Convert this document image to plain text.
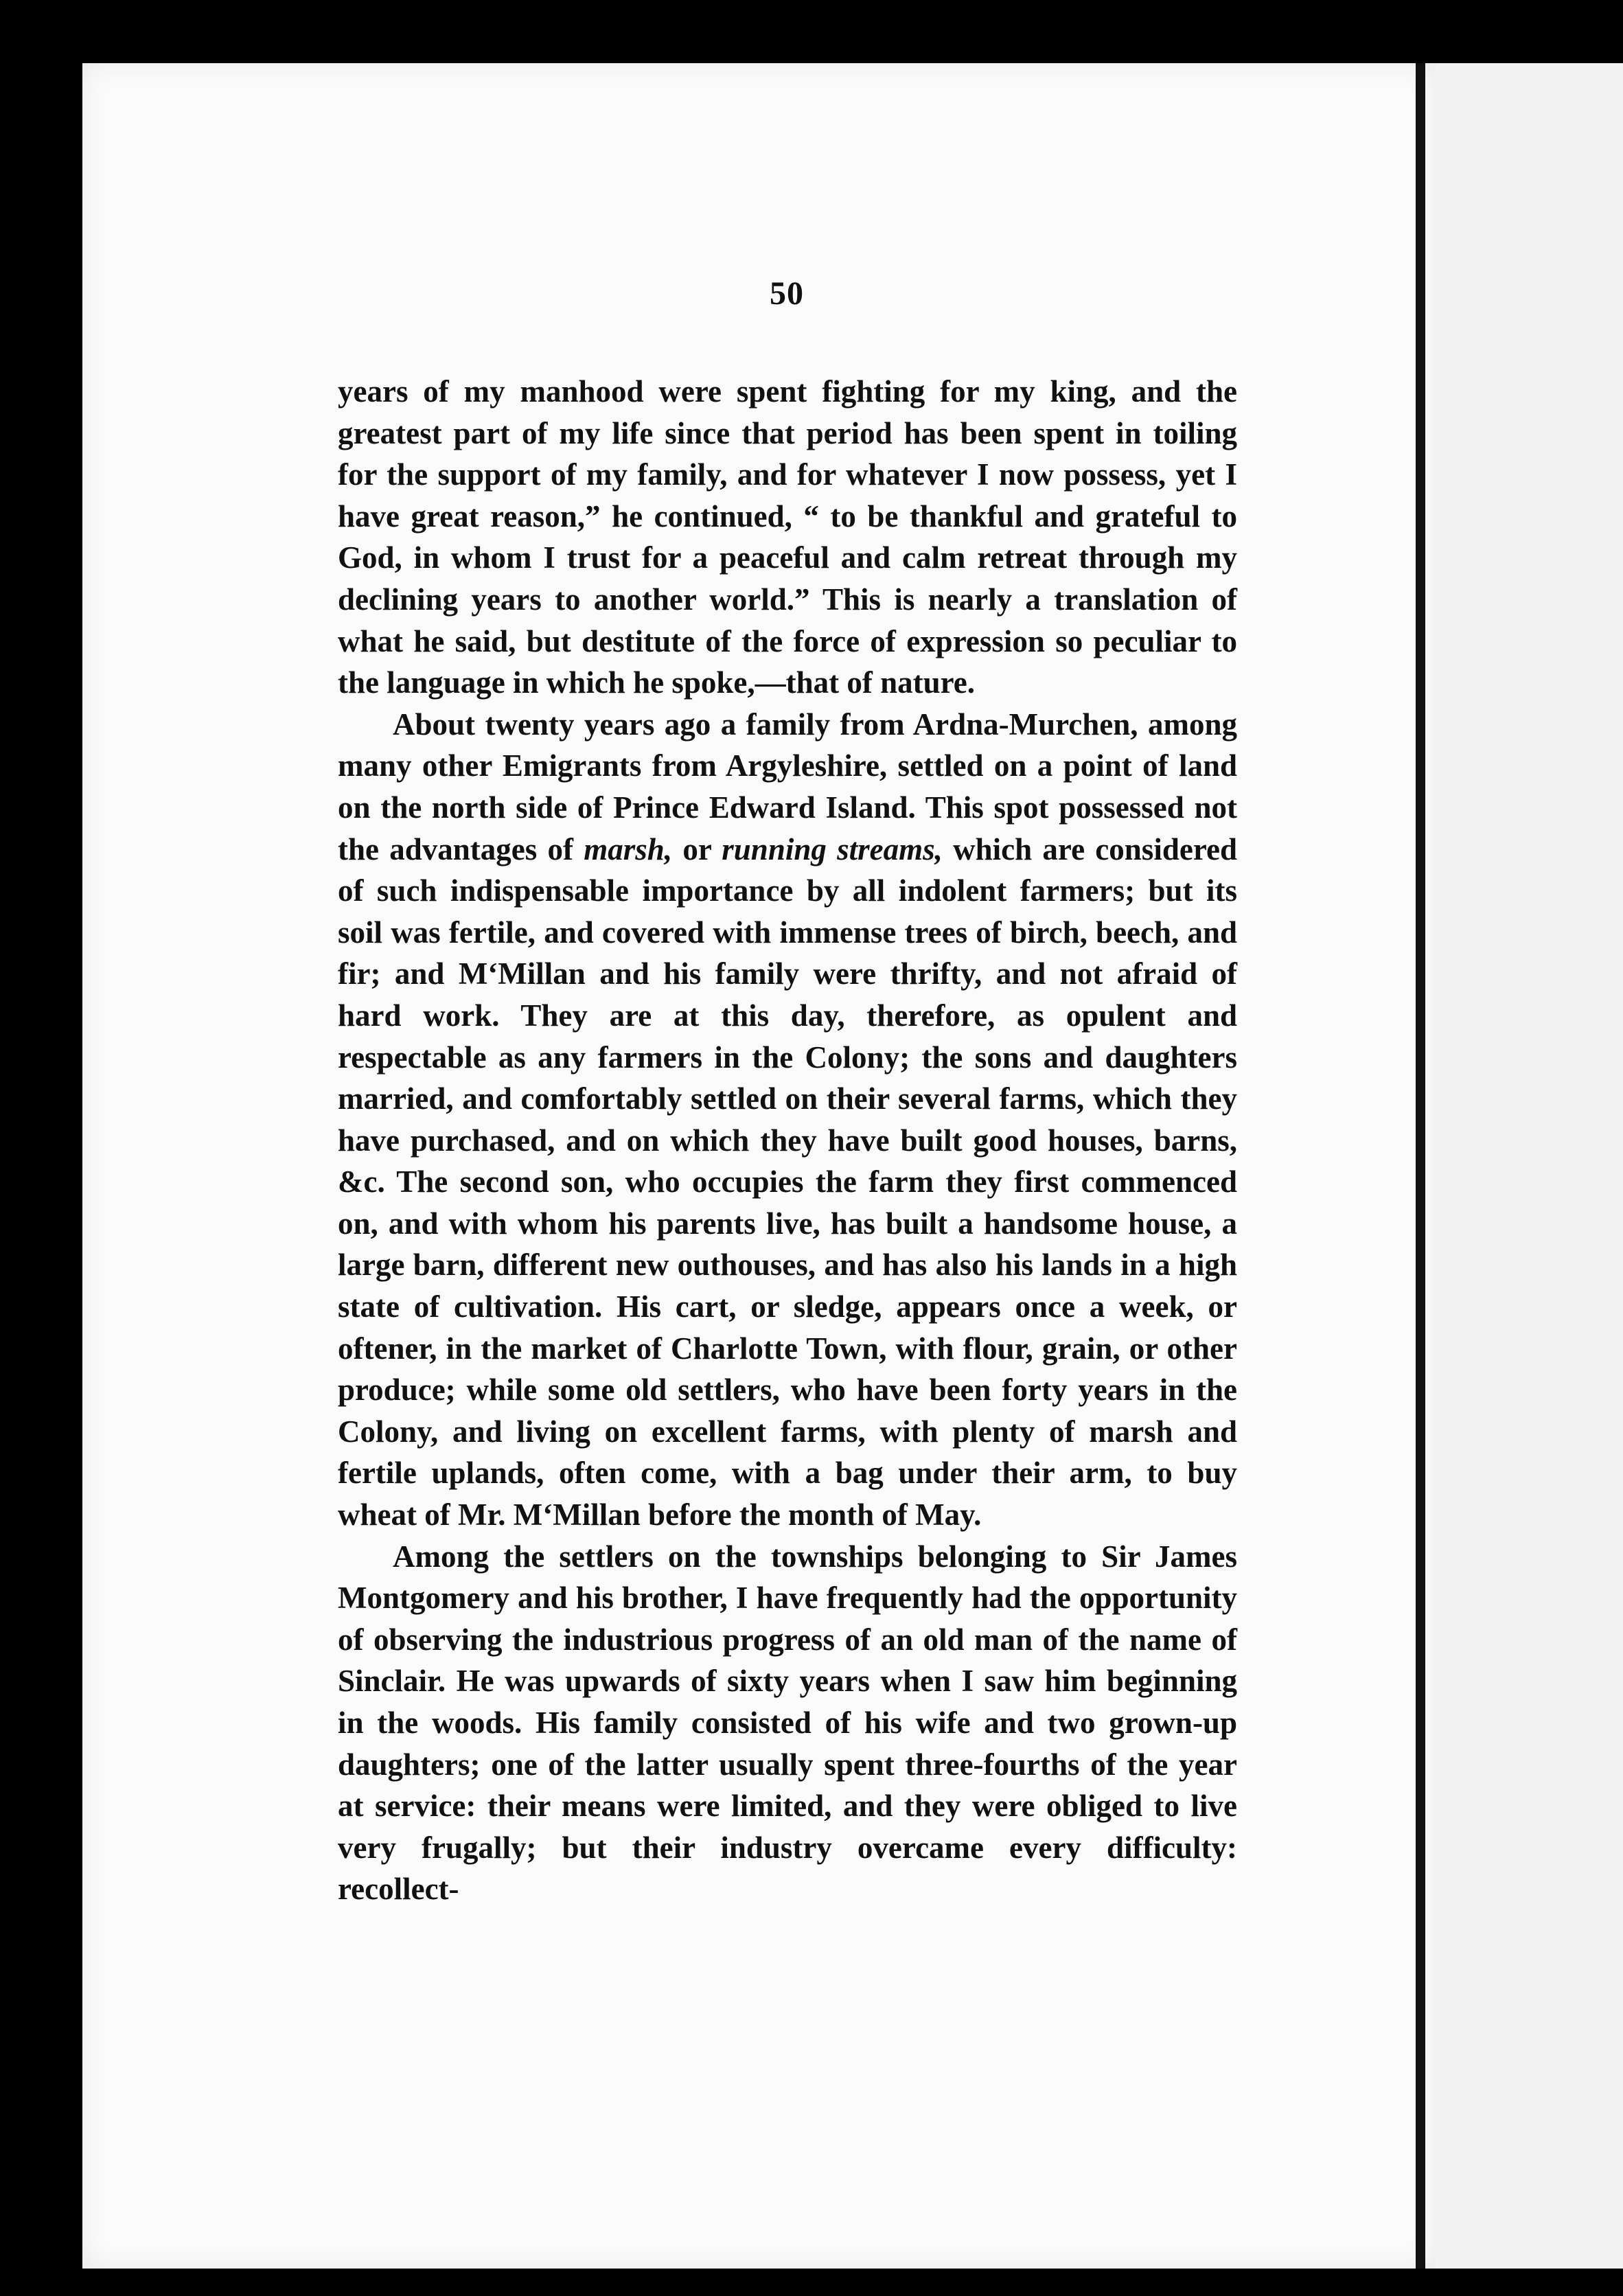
50

years of my manhood were spent fighting for my king, and the greatest part of my life since that period has been spent in toiling for the support of my family, and for whatever I now possess, yet I have great reason,” he continued, “ to be thankful and grateful to God, in whom I trust for a peaceful and calm retreat through my declining years to another world.” This is nearly a translation of what he said, but destitute of the force of expression so peculiar to the language in which he spoke,—that of nature.

About twenty years ago a family from Ardna-Murchen, among many other Emigrants from Argyleshire, settled on a point of land on the north side of Prince Edward Island. This spot possessed not the advantages of marsh, or running streams, which are considered of such indispensable importance by all indolent farmers; but its soil was fertile, and covered with immense trees of birch, beech, and fir; and M‘Millan and his family were thrifty, and not afraid of hard work. They are at this day, therefore, as opulent and respectable as any farmers in the Colony; the sons and daughters married, and comfortably settled on their several farms, which they have purchased, and on which they have built good houses, barns, &c. The second son, who occupies the farm they first commenced on, and with whom his parents live, has built a handsome house, a large barn, different new outhouses, and has also his lands in a high state of cultivation. His cart, or sledge, appears once a week, or oftener, in the market of Charlotte Town, with flour, grain, or other produce; while some old settlers, who have been forty years in the Colony, and living on excellent farms, with plenty of marsh and fertile uplands, often come, with a bag under their arm, to buy wheat of Mr. M‘Millan before the month of May.

Among the settlers on the townships belonging to Sir James Montgomery and his brother, I have frequently had the opportunity of observing the industrious progress of an old man of the name of Sinclair. He was upwards of sixty years when I saw him beginning in the woods. His family consisted of his wife and two grown-up daughters; one of the latter usually spent three-fourths of the year at service: their means were limited, and they were obliged to live very frugally; but their industry overcame every difficulty: recollect-
